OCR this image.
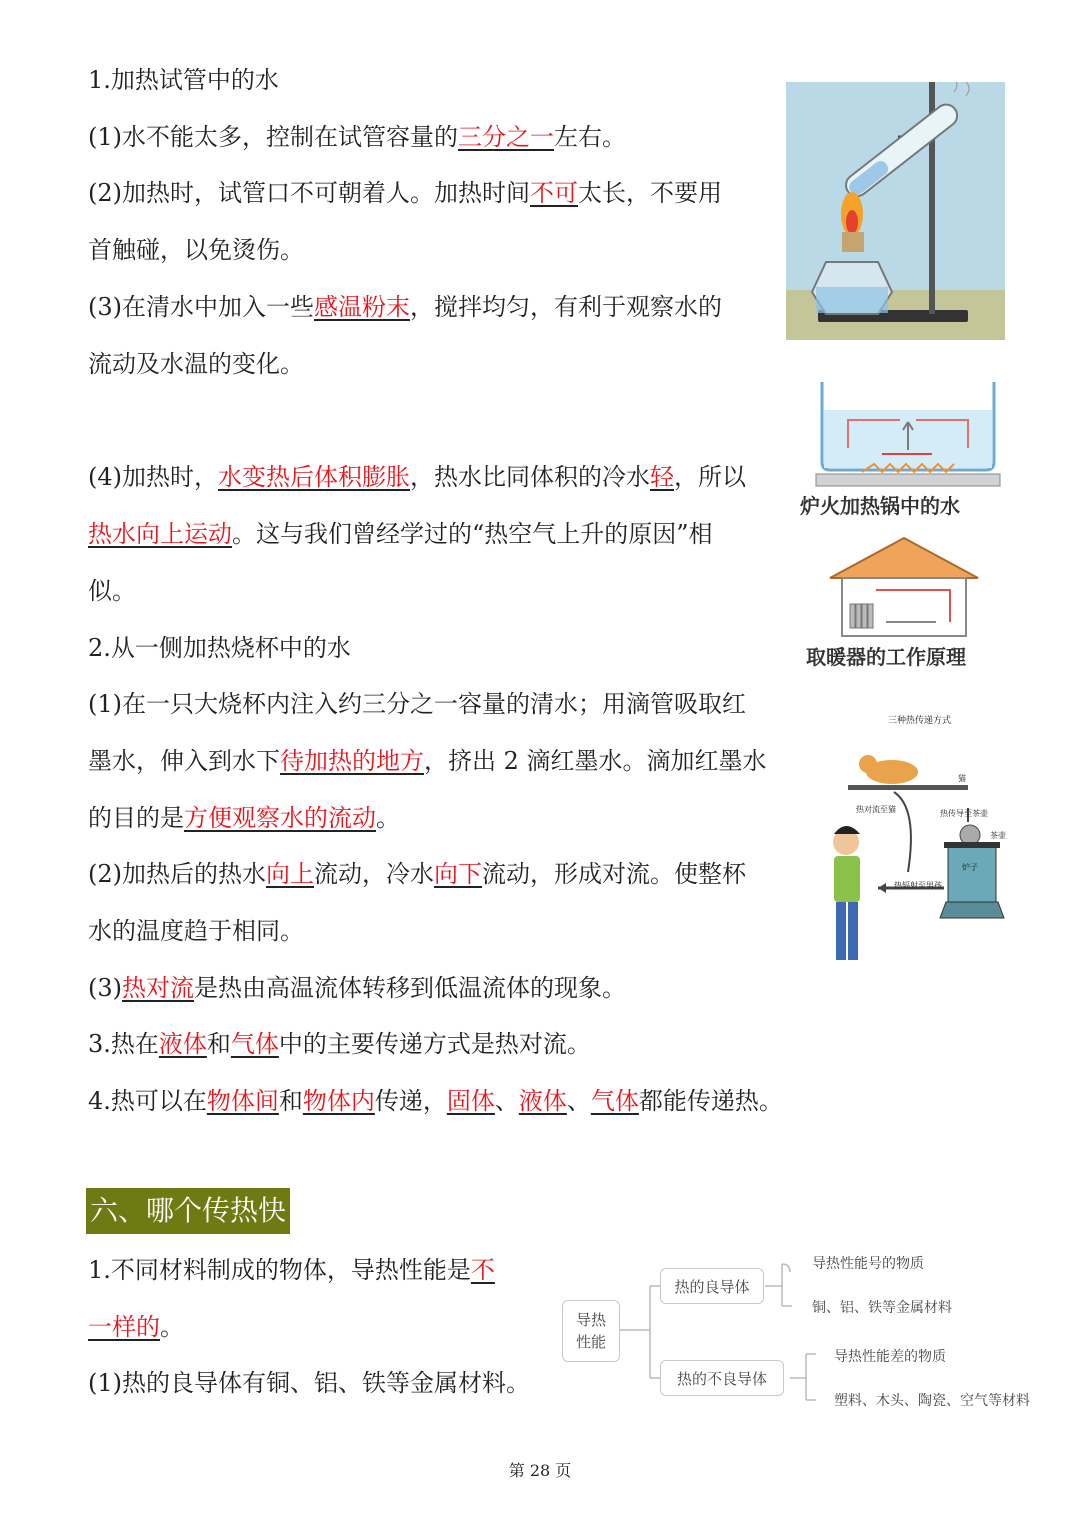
1.加热试管中的水
(1)水不能太多，控制在试管容量的三分之一左右。
(2)加热时，试管口不可朝着人。加热时间不可太长，不要用
首触碰，以免烫伤。
(3)在清水中加入一些感温粉末，搅拌均匀，有利于观察水的
流动及水温的变化。
(4)加热时，水变热后体积膨胀，热水比同体积的冷水轻，所以
热水向上运动。这与我们曾经学过的“热空气上升的原因”相
似。
2.从一侧加热烧杯中的水
(1)在一只大烧杯内注入约三分之一容量的清水；用滴管吸取红
墨水，伸入到水下待加热的地方，挤出 2 滴红墨水。滴加红墨水
的目的是方便观察水的流动。
(2)加热后的热水向上流动，冷水向下流动，形成对流。使整杯
水的温度趋于相同。
(3)热对流是热由高温流体转移到低温流体的现象。
3.热在液体和气体中的主要传递方式是热对流。
4.热可以在物体间和物体内传递，固体、液体、气体都能传递热。
1.不同材料制成的物体，导热性能是不
一样的。
(1)热的良导体有铜、铝、铁等金属材料。
六、哪个传热快
炉火加热锅中的水
取暖器的工作原理
三种热传递方式
猫
热对流至猫	热传导至茶壶
茶壶
炉子
热辐射至男孩
导热性能
热的良导体
热的不良导体
导热性能号的物质
铜、铝、铁等金属材料
导热性能差的物质
塑料、木头、陶瓷、空气等材料
第 28 页
